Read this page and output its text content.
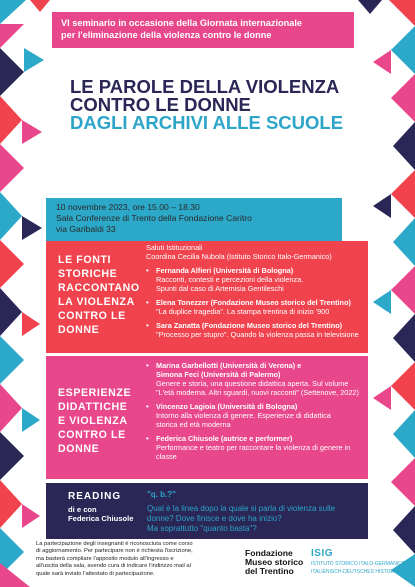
VI seminario in occasione della Giornata internazionale
per l'eliminazione della violenza contro le donne
LE PAROLE DELLA VIOLENZA
CONTRO LE DONNE
DAGLI ARCHIVI ALLE SCUOLE
10 novembre 2023, ore 15.00 – 18.30
Sala Conferenze di Trento della Fondazione Caritro
via Garibaldi 33
LE FONTI
STORICHE
RACCONTANO
LA VIOLENZA
CONTRO LE
DONNE
Saluti Istituzionali
Coordina Cecilia Nubola (Istituto Storico Italo-Germanico)
• Fernanda Alfieri (Università di Bologna)
Racconti, contesti e percezioni della violenza.
Spunti dal caso di Artemisia Gentileschi
• Elena Tonezzer (Fondazione Museo storico del Trentino)
"La duplice tragedia". La stampa trentina di inizio '900
• Sara Zanatta (Fondazione Museo storico del Trentino)
"Processo per stupro". Quando la violenza passa in televisione
ESPERIENZE
DIDATTICHE
E VIOLENZA
CONTRO LE
DONNE
• Marina Garbellotti (Università di Verona) e
Simona Feci (Università di Palermo)
Genere e storia, una questione didattica aperta. Sul volume
"L'età moderna. Altri sguardi, nuovi racconti" (Settenove, 2022)
• Vincenzo Lagioia (Università di Bologna)
Intorno alla violenza di genere. Esperienze di didattica
storica ed età moderna
• Federica Chiusole (autrice e performer)
Performance e teatro per raccontare la violenza di genere in
classe
READING
di e con
Federica Chiusole
"q. b.?"
Qual è la linea dopo la quale si parla di violenza sulle
donne? Dove finisce e dove ha inizio?
Ma soprattutto "quanto basta"?
La partecipazione degli insegnanti è riconosciuta come corso
di aggiornamento. Per partecipare non è richiesta l'iscrizione,
ma basterà compilare l'apposito modulo all'ingresso e
all'uscita della sala, avendo cura di indicare l'indirizzo mail al
quale sarà inviato l'attestato di partecipazione.
Fondazione
Museo storico
del Trentino
ISIG
ISTITUTO STORICO ITALO-GERMANICO
ITALIENISCH-DEUTSCHES HISTORISCHES
